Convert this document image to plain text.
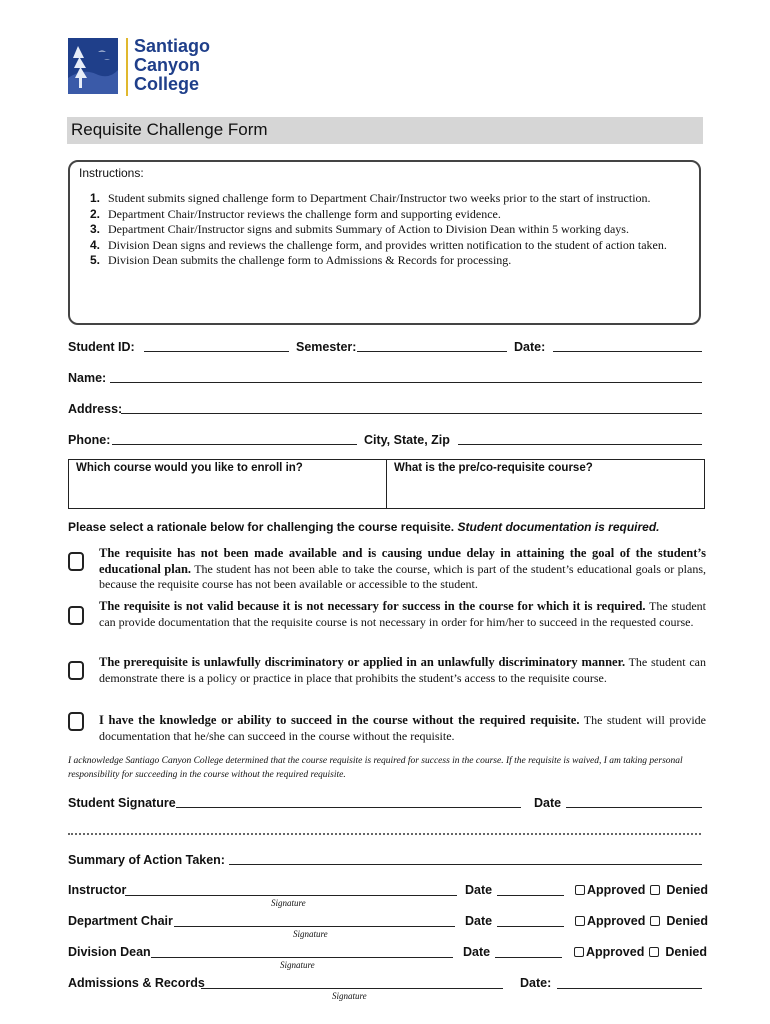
Santiago
Canyon
College
Requisite Challenge Form
Instructions:
1. Student submits signed challenge form to Department Chair/Instructor two weeks prior to the start of instruction.
2. Department Chair/Instructor reviews the challenge form and supporting evidence.
3. Department Chair/Instructor signs and submits Summary of Action to Division Dean within 5 working days.
4. Division Dean signs and reviews the challenge form, and provides written notification to the student of action taken.
5. Division Dean submits the challenge form to Admissions & Records for processing.
Student ID:	Semester:	Date:
Name:
Address:
Phone:	City, State, Zip
Which course would you like to enroll in?	What is the pre/co-requisite course?
Please select a rationale below for challenging the course requisite. Student documentation is required.
The requisite has not been made available and is causing undue delay in attaining the goal of the student’s educational plan. The student has not been able to take the course, which is part of the student’s educational goals or plans, because the requisite course has not been available or accessible to the student.
The requisite is not valid because it is not necessary for success in the course for which it is required. The student can provide documentation that the requisite course is not necessary in order for him/her to succeed in the requested course.
The prerequisite is unlawfully discriminatory or applied in an unlawfully discriminatory manner. The student can demonstrate there is a policy or practice in place that prohibits the student’s access to the requisite course.
I have the knowledge or ability to succeed in the course without the required requisite. The student will provide documentation that he/she can succeed in the course without the requisite.
I acknowledge Santiago Canyon College determined that the course requisite is required for success in the course. If the requisite is waived, I am taking personal responsibility for succeeding in the course without the required requisite.
Student Signature	Date
Summary of Action Taken:
Instructor
Signature
Date	Approved Denied
Department Chair
Signature
Date	Approved Denied
Division Dean
Signature
Date	Approved Denied
Admissions & Records
Signature
Date:
